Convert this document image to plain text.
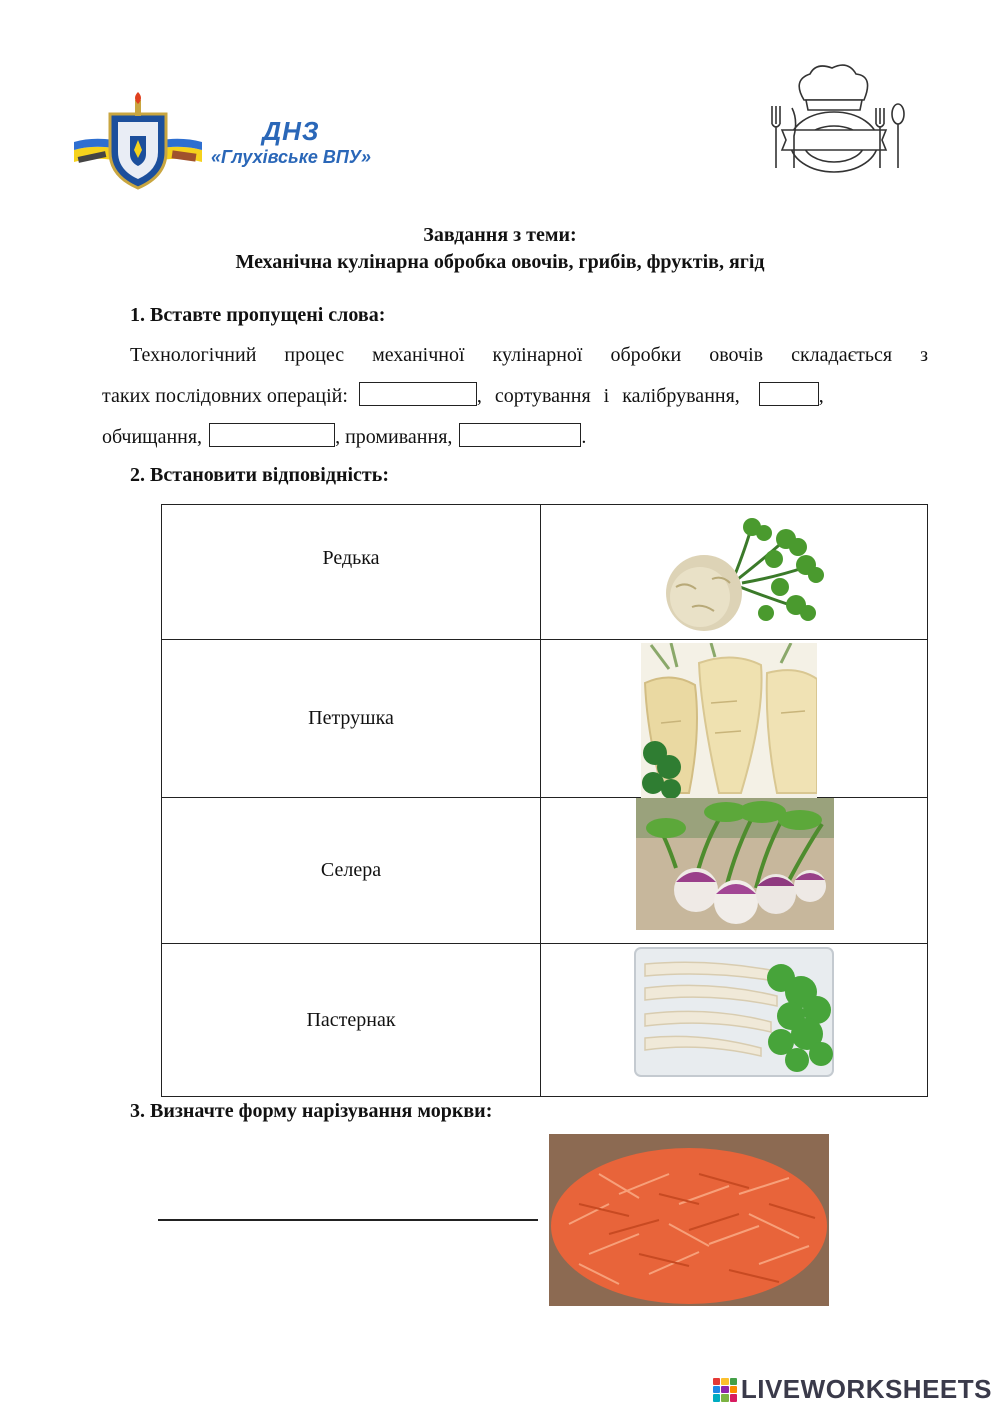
ДНЗ
«Глухівське ВПУ»
Завдання з теми:
Механічна кулінарна обробка овочів, грибів, фруктів, ягід
1. Вставте пропущені слова:
Технологічний процес механічної кулінарної обробки овочів складається з
таких послідовних операцій:	, сортування і калібрування,	,
обчищання,	, промивання,	.
2. Встановити відповідність:
Редька
Петрушка
Селера
Пастернак
3. Визначте форму нарізування моркви:
LIVEWORKSHEETS
